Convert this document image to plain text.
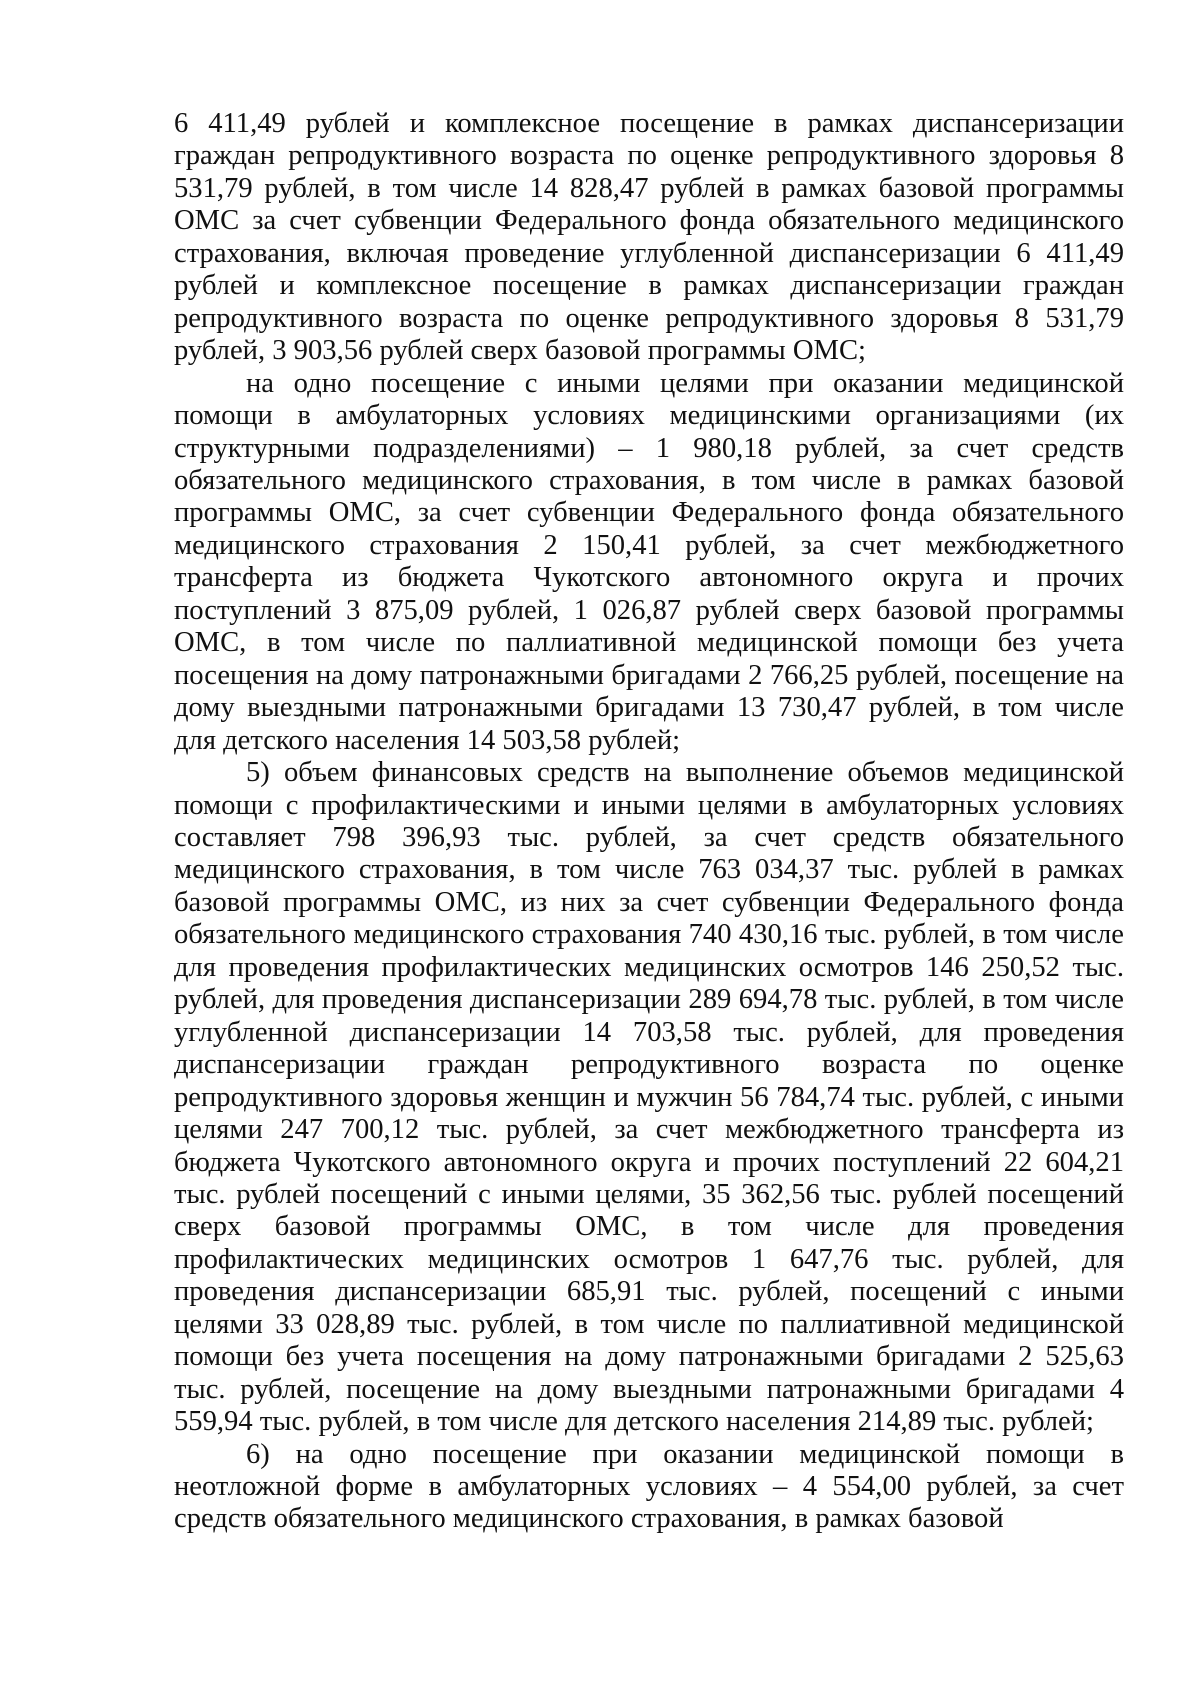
6 411,49 рублей и комплексное посещение в рамках диспансеризации граждан репродуктивного возраста по оценке репродуктивного здоровья 8 531,79 рублей, в том числе 14 828,47 рублей в рамках базовой программы ОМС за счет субвенции Федерального фонда обязательного медицинского страхования, включая проведение углубленной диспансеризации 6 411,49 рублей и комплексное посещение в рамках диспансеризации граждан репродуктивного возраста по оценке репродуктивного здоровья 8 531,79 рублей, 3 903,56 рублей сверх базовой программы ОМС;

на одно посещение с иными целями при оказании медицинской помощи в амбулаторных условиях медицинскими организациями (их структурными подразделениями) – 1 980,18 рублей, за счет средств обязательного медицинского страхования, в том числе в рамках базовой программы ОМС, за счет субвенции Федерального фонда обязательного медицинского страхования 2 150,41 рублей, за счет межбюджетного трансферта из бюджета Чукотского автономного округа и прочих поступлений 3 875,09 рублей, 1 026,87 рублей сверх базовой программы ОМС, в том числе по паллиативной медицинской помощи без учета посещения на дому патронажными бригадами 2 766,25 рублей, посещение на дому выездными патронажными бригадами 13 730,47 рублей, в том числе для детского населения 14 503,58 рублей;

5) объем финансовых средств на выполнение объемов медицинской помощи с профилактическими и иными целями в амбулаторных условиях составляет 798 396,93 тыс. рублей, за счет средств обязательного медицинского страхования, в том числе 763 034,37 тыс. рублей в рамках базовой программы ОМС, из них за счет субвенции Федерального фонда обязательного медицинского страхования 740 430,16 тыс. рублей, в том числе для проведения профилактических медицинских осмотров 146 250,52 тыс. рублей, для проведения диспансеризации 289 694,78 тыс. рублей, в том числе углубленной диспансеризации 14 703,58 тыс. рублей, для проведения диспансеризации граждан репродуктивного возраста по оценке репродуктивного здоровья женщин и мужчин 56 784,74 тыс. рублей, с иными целями 247 700,12 тыс. рублей, за счет межбюджетного трансферта из бюджета Чукотского автономного округа и прочих поступлений 22 604,21 тыс. рублей посещений с иными целями, 35 362,56 тыс. рублей посещений сверх базовой программы ОМС, в том числе для проведения профилактических медицинских осмотров 1 647,76 тыс. рублей, для проведения диспансеризации 685,91 тыс. рублей, посещений с иными целями 33 028,89 тыс. рублей, в том числе по паллиативной медицинской помощи без учета посещения на дому патронажными бригадами 2 525,63 тыс. рублей, посещение на дому выездными патронажными бригадами 4 559,94 тыс. рублей, в том числе для детского населения 214,89 тыс. рублей;

6) на одно посещение при оказании медицинской помощи в неотложной форме в амбулаторных условиях – 4 554,00 рублей, за счет средств обязательного медицинского страхования, в рамках базовой
